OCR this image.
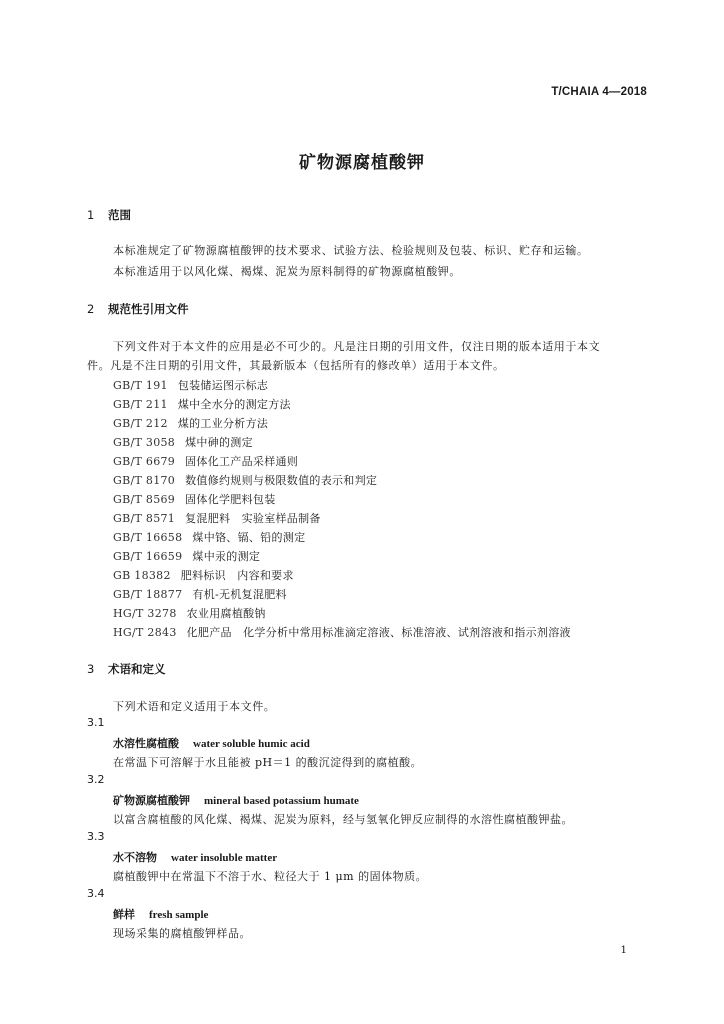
T/CHAIA 4—2018
矿物源腐植酸钾
1 范围
本标准规定了矿物源腐植酸钾的技术要求、试验方法、检验规则及包装、标识、贮存和运输。
本标准适用于以风化煤、褐煤、泥炭为原料制得的矿物源腐植酸钾。
2 规范性引用文件
下列文件对于本文件的应用是必不可少的。凡是注日期的引用文件，仅注日期的版本适用于本文
件。凡是不注日期的引用文件，其最新版本（包括所有的修改单）适用于本文件。
GB/T 191 包装储运图示标志
GB/T 211 煤中全水分的测定方法
GB/T 212 煤的工业分析方法
GB/T 3058 煤中砷的测定
GB/T 6679 固体化工产品采样通则
GB/T 8170 数值修约规则与极限数值的表示和判定
GB/T 8569 固体化学肥料包装
GB/T 8571 复混肥料　实验室样品制备
GB/T 16658 煤中铬、镉、铅的测定
GB/T 16659 煤中汞的测定
GB 18382 肥料标识　内容和要求
GB/T 18877 有机-无机复混肥料
HG/T 3278 农业用腐植酸钠
HG/T 2843 化肥产品　化学分析中常用标准滴定溶液、标准溶液、试剂溶液和指示剂溶液
3 术语和定义
下列术语和定义适用于本文件。
3.1
水溶性腐植酸 water soluble humic acid
在常温下可溶解于水且能被 pH＝1 的酸沉淀得到的腐植酸。
3.2
矿物源腐植酸钾 mineral based potassium humate
以富含腐植酸的风化煤、褐煤、泥炭为原料，经与氢氧化钾反应制得的水溶性腐植酸钾盐。
3.3
水不溶物 water insoluble matter
腐植酸钾中在常温下不溶于水、粒径大于 1 μm 的固体物质。
3.4
鲜样 fresh sample
现场采集的腐植酸钾样品。
1
